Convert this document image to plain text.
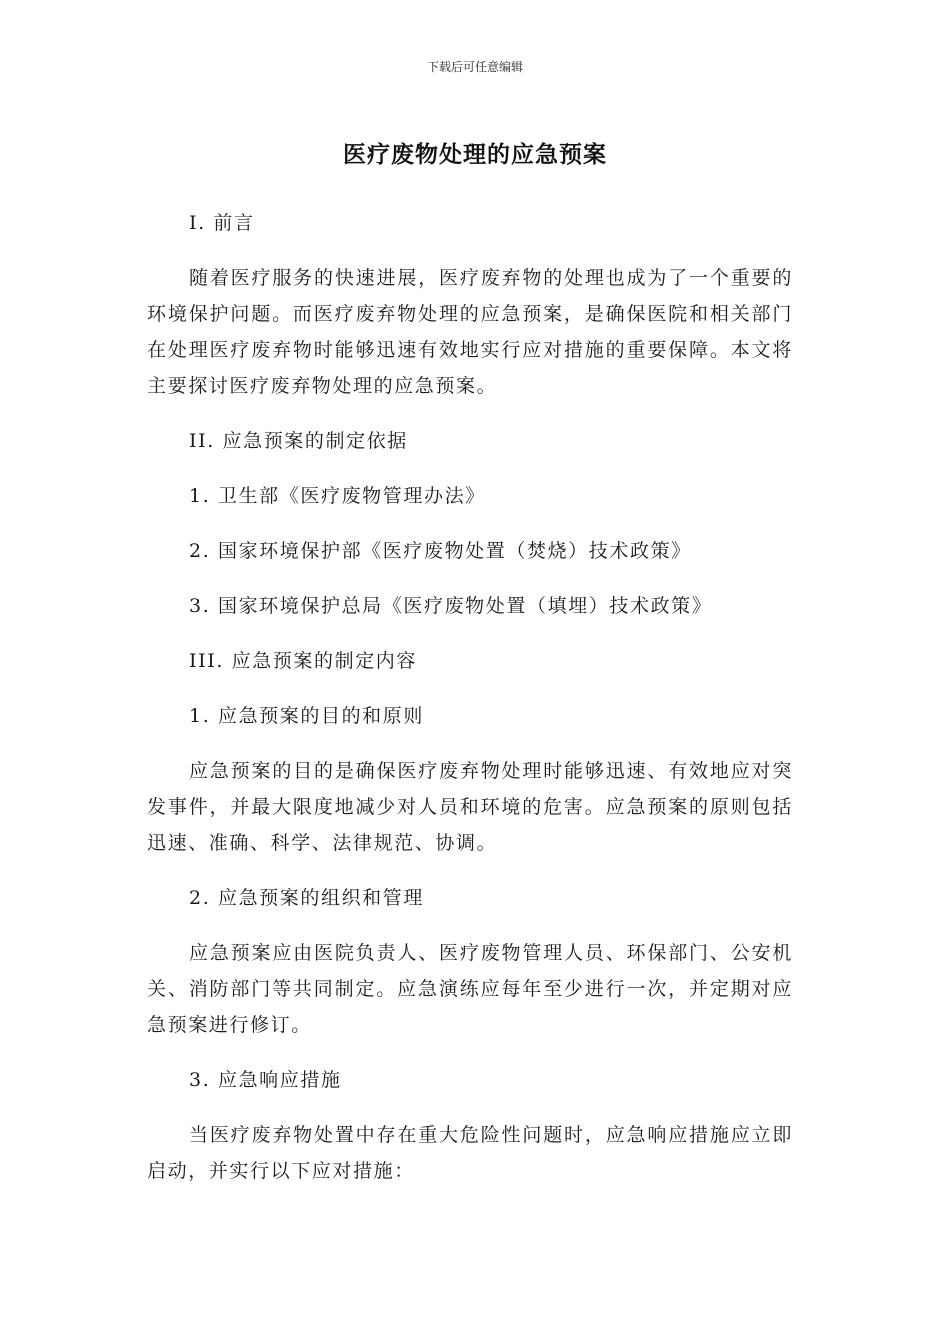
下载后可任意编辑
医疗废物处理的应急预案

I. 前言

随着医疗服务的快速进展，医疗废弃物的处理也成为了一个重要的环境保护问题。而医疗废弃物处理的应急预案，是确保医院和相关部门在处理医疗废弃物时能够迅速有效地实行应对措施的重要保障。本文将主要探讨医疗废弃物处理的应急预案。

II. 应急预案的制定依据

1. 卫生部《医疗废物管理办法》

2. 国家环境保护部《医疗废物处置（焚烧）技术政策》

3. 国家环境保护总局《医疗废物处置（填埋）技术政策》

III. 应急预案的制定内容

1. 应急预案的目的和原则

应急预案的目的是确保医疗废弃物处理时能够迅速、有效地应对突发事件，并最大限度地减少对人员和环境的危害。应急预案的原则包括迅速、准确、科学、法律规范、协调。

2. 应急预案的组织和管理

应急预案应由医院负责人、医疗废物管理人员、环保部门、公安机关、消防部门等共同制定。应急演练应每年至少进行一次，并定期对应急预案进行修订。

3. 应急响应措施

当医疗废弃物处置中存在重大危险性问题时，应急响应措施应立即启动，并实行以下应对措施：
